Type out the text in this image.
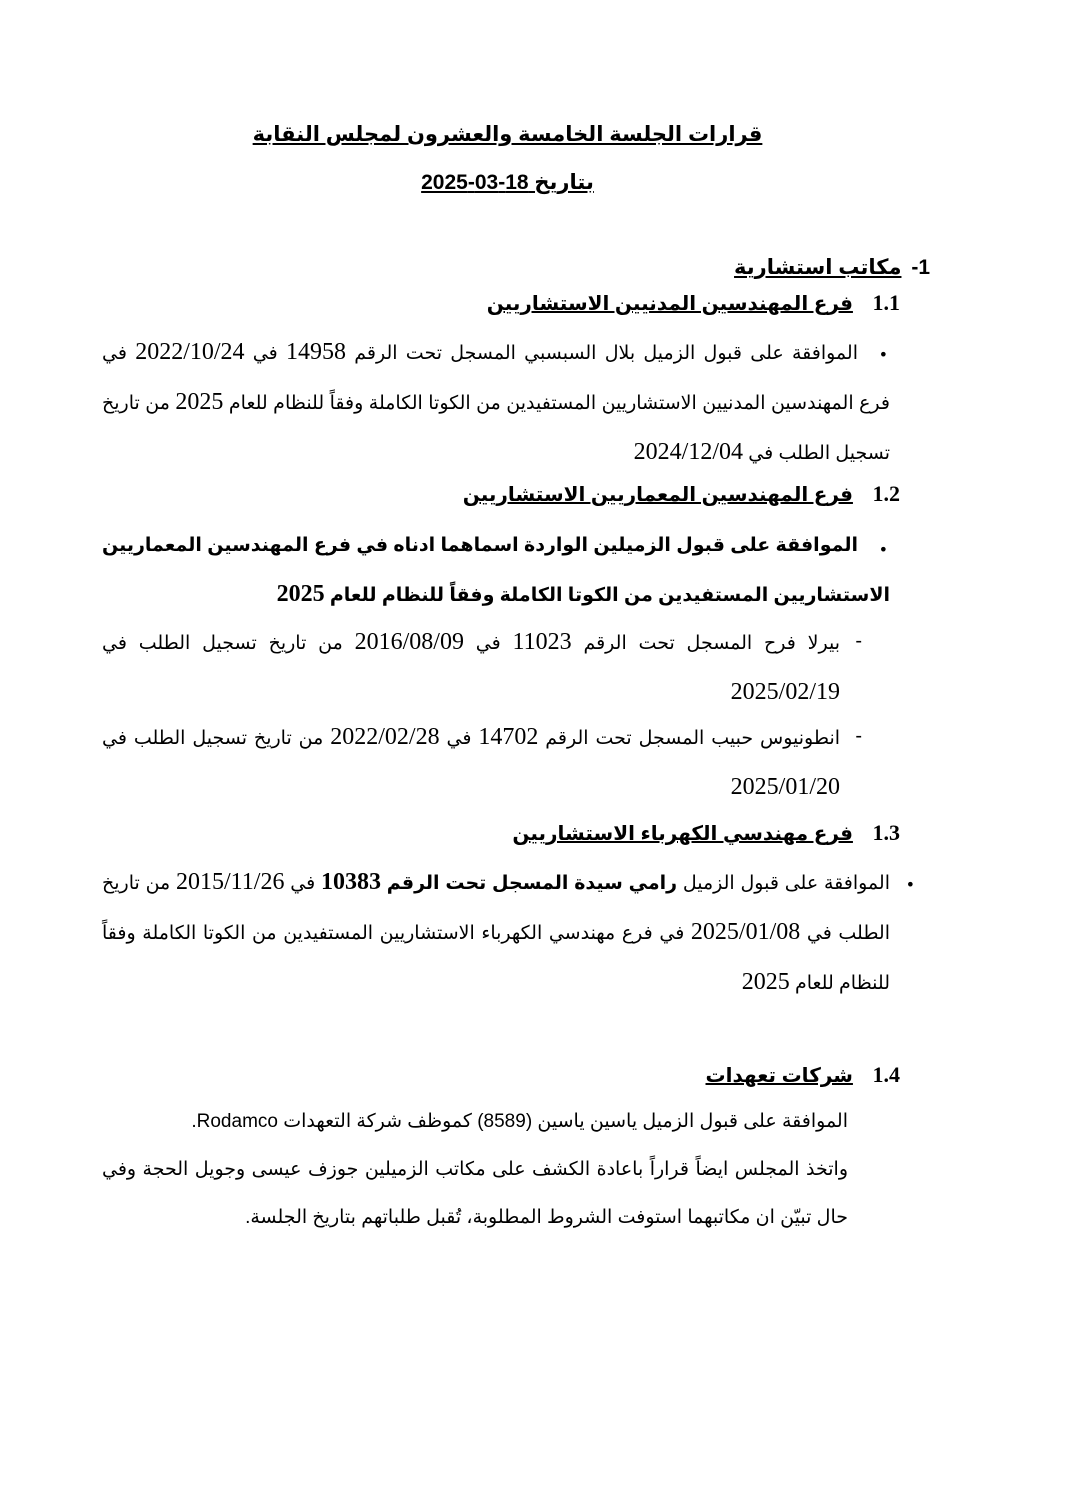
قرارات الجلسة الخامسة والعشرون لمجلس النقابة
بتاريخ 18-03-2025
1- مكاتب استشارية
1.1 فرع المهندسين المدنيين الاستشاريين
•
الموافقة على قبول الزميل بلال السبسبي المسجل تحت الرقم 14958 في 2022/10/24 في فرع المهندسين المدنيين الاستشاريين المستفيدين من الكوتا الكاملة وفقاً للنظام للعام 2025 من تاريخ تسجيل الطلب في 2024/12/04
1.2 فرع المهندسين المعماريين الاستشاريين
•
الموافقة على قبول الزميلين الواردة اسماهما ادناه في فرع المهندسين المعماريين الاستشاريين المستفيدين من الكوتا الكاملة وفقاً للنظام للعام 2025
-
بيرلا فرح المسجل تحت الرقم 11023 في 2016/08/09 من تاريخ تسجيل الطلب في 2025/02/19
-
انطونيوس حبيب المسجل تحت الرقم 14702 في 2022/02/28 من تاريخ تسجيل الطلب في 2025/01/20
1.3 فرع مهندسي الكهرباء الاستشاريين
•
الموافقة على قبول الزميل رامي سيدة المسجل تحت الرقم 10383 في 2015/11/26 من تاريخ الطلب في 2025/01/08 في فرع مهندسي الكهرباء الاستشاريين المستفيدين من الكوتا الكاملة وفقاً للنظام للعام 2025
1.4 شركات تعهدات
الموافقة على قبول الزميل ياسين ياسين (8589) كموظف شركة التعهدات Rodamco.
واتخذ المجلس ايضاً قراراً باعادة الكشف على مكاتب الزميلين جوزف عيسى وجويل الحجة وفي حال تبيّن ان مكاتبهما استوفت الشروط المطلوبة، تُقبل طلباتهم بتاريخ الجلسة.
